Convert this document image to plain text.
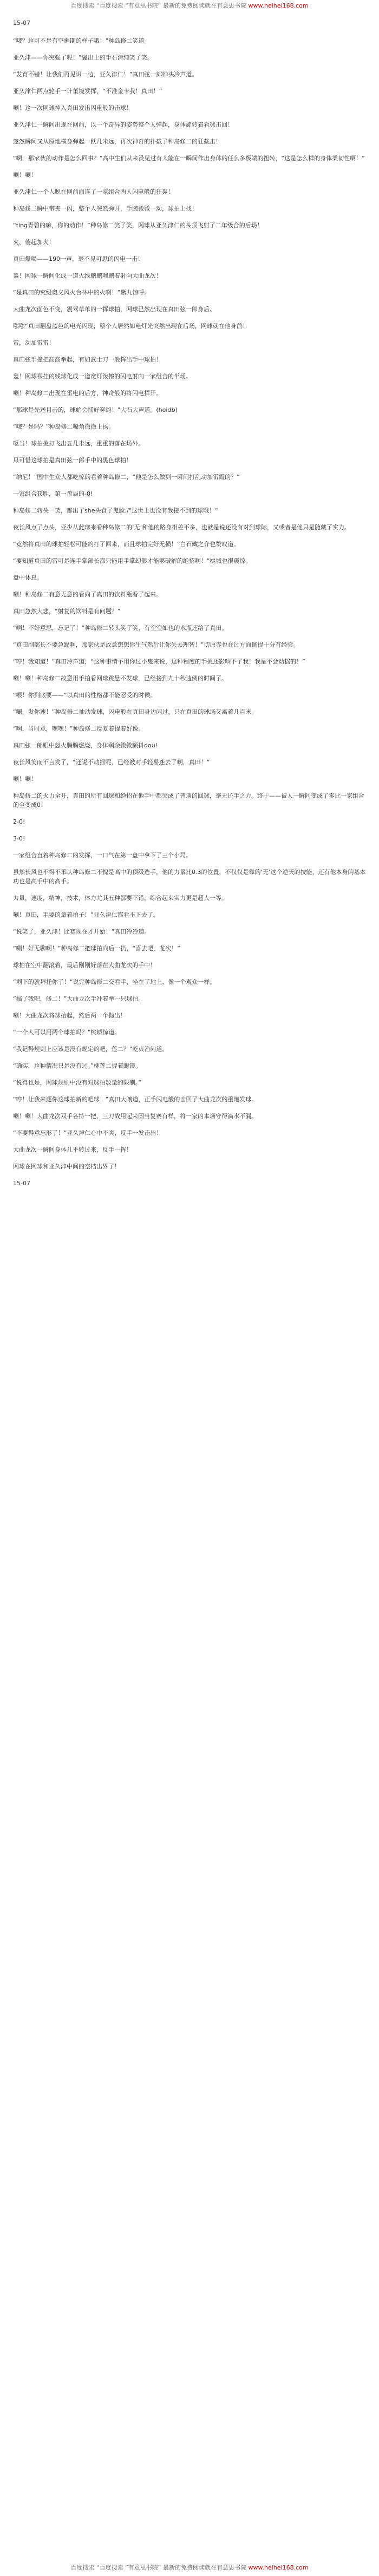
百度搜索 “百度搜索 “有意思书院” 最新的免费阅读就在有意思书院 www.heihei168.com

15-07

“哦？这可不是有空据期的样子哦！”种岛修二笑道。

亚久津——你突强了呢！”鬈出上的手石清纯笑了笑。

“发育不错！让我们再见识一边，亚久津仁！”真田弦一郎帅头冷声道。

亚久津仁两点轮手一计董境发挥，“不准金卡我！真田！”

唰！这一次网球掉入真田发出闪电般的击球！

亚久津仁一瞬间出现在网前，以一个奇异的姿势整个人弹起，身体旋转着看球击回！

忽然瞬间又从原地横身弹起一跃几米远，再次神奇的扑截了种岛修二的狂截击！

“啊，那家伙的动作是怎么回事？”高中生们从来没见过有人能在一瞬间作出身体的任么多极端的扭转，“这是怎么样的身体柔韧性啊！”

唰！唰！

亚久津仁一个人脱在网前面连了一家组合两人闪电般的狂轰！

种岛修二瞬中带夹一闪，整个人突然弹开，手腕微微一动，球拍上找！

“ting青碧的嘛，你的动作！”种岛修二笑了笑，网球从亚久津仁的头顶飞射了二年级合的后场！

火，傻起加火！

真田爆喝——190一声，毫不见可思的闪电一击！

轰！网球一瞬间化成一道火线鹏鹏嗤鹏着射向大曲龙次！

“是真田的究级奥义风火台林中的火啊！”紫九惊呼。

大曲龙次面色不变，震驾草单的一挥球拍，网球已然出现在真田弦一郎身后。

嗤嗤“真田翻盘蓝色的电光闪现，整个人居然如电灯光突然出现在后场，网球就在他身前！

雷，动加雷雷！

真田弦手撞把高高举起，有如武士刀一般挥出手中球拍！

轰！网球裸挂的线球化成一道宽灯泼擦的闪电射向一家组合的半场。

唰！种岛修二出现在雷电的后方，神奇般的将闪电挥开。

“那球是先送目击的，球始会捕好穿的！”大石大声道。(heidb)

“哦？是吗？”种岛修二嘴角微微上扬。

呕当！球拍挑打飞出五几米远，重重的落在场外。

只可惜这球拍是真田弦一郎手中的黑色球拍！

“纳尼！”国中生众人都吃惊的看着种岛修二，“他是怎么做到一瞬间打乱动加雷霞的？”

一家组合获胜，第一盘局的-0!

种岛修二转头一笑，都出了she头食了鬼脸:/"这世上也没有我接不到的球哦！”

夜长风点了点头，亚少从此球来看种岛修二的‘无’和他的路身相差不多，也就是说还没有对到球际，又或者是他只是随藏了实力。

“竟然将真田的球拍轻松可能的打了回来，而且球拍完好无损！”白石藏之介也赞叹道。

“要知道真田的雷可是连手掌部长都只能用手掌幻影才能够破解的绝招啊！”桃城也很震惊。

盘中休息。

唰！种岛修二有意无意的看向了真田的饮料瓶看了起来。

真田急然大悲，“射复的饮料是有问题？”

“啊！不好意思，忘记了！”种岛修二转头笑了笑，有空空如也的水瓶还给了真田。

“真田副部长不要急踢啊，那家伙是故意想想你生气然后让你失去理智！”切原赤也在过方面侧提十分有经验。

“哼！我知道！”真田冷声道，“这种事情不用你过小鬼来说，这种程度的手挑还影响不了我！我是不会动摇的！”

唰！唰！种岛修二故意用手拍看网球跳悬不发球，已经接到九十秒违例的时间了。

“喂！你到底要——”以真田的性格都不能忍受的时候。

“唰，发你速！”种岛修二抽动发球，闪电般在真田身边闪过，只在真田的球场又离着几百米。

“啊，当时意，嘿嘿！”种岛修二反复着提着好像。

真田弦一郎眼中怒火腾腾燃烧，身体剩余微微颤抖dou!

夜长风笑而不言发了，“还说不动摇呢，已经被对手轻易迷去了啊，真田！”

唰！唰！

种岛修二的火力全开，真田的所有回球和绝招在他手中都突成了普通的回球，毫无还手之力。终于——被人一瞬间变成了零比一家组合的全变成0！

2-0!

3-0!

一家组合直着种岛修二的发挥，一口气在第一盘中拿下了三个小局。

虽然长风也不得不承认种岛修二不愧是高中的顶级选手，他的力量比0.3的位置，不仅仅是靠的‘无’这个逆天的技能，还有他本身的基本功也是高手中的高手。

力量，速度，精神，技术，体力尤其五种都要不错，综合起来实力更是超人一等。

唰！真田，手要的拿着拍子！”亚久津仁都看不下去了。

“说笑了，亚久津！比赛现在才开始！”真田冷冷道。

“唰！好无聊啊！”种岛修二把球拍向后一扔，“喜去吧，龙次！”

球拍在空中翻滚着，最后刚刚好落在大曲龙次的手中！

“剩下的就拜托你了！”说完种岛修二交看手，坐在了地上，像一个观众一样。

“搞了我吧，修二！”大曲龙次手冲着举一只球拍。

唰！大曲龙次将球抬起，然后两一个抛出！

“一个人可以用两个球拍吗？”桃城惊道。

“我记得规则上应该是没有规定的吧，莲二？”乾贞治问道。

“确实，这种情况只是没有过。”柳莲二握着眼镜。

“说得也是，网球规则中没有对球拍数量的限制。”

“哼！让我来逐你这球拍新的吧球！”真田大嚷道，正手闪电般的击回了大曲龙次的重炮发球。

唰！唰！大曲龙次双手各持一把，三刀战用起来圆当复赛有样，将一家的本场守得滴水不漏。

“不要得意忘形了！”亚久津仁心中不爽，反手一发击出！

大曲龙次一瞬间身体几乎转过来，反手一挥！

网球在网球和亚久津中间的空档出界了！

15-07

百度搜索 “百度搜索 “有意思书院” 最新的免费阅读就在有意思书院 www.heihei168.com
